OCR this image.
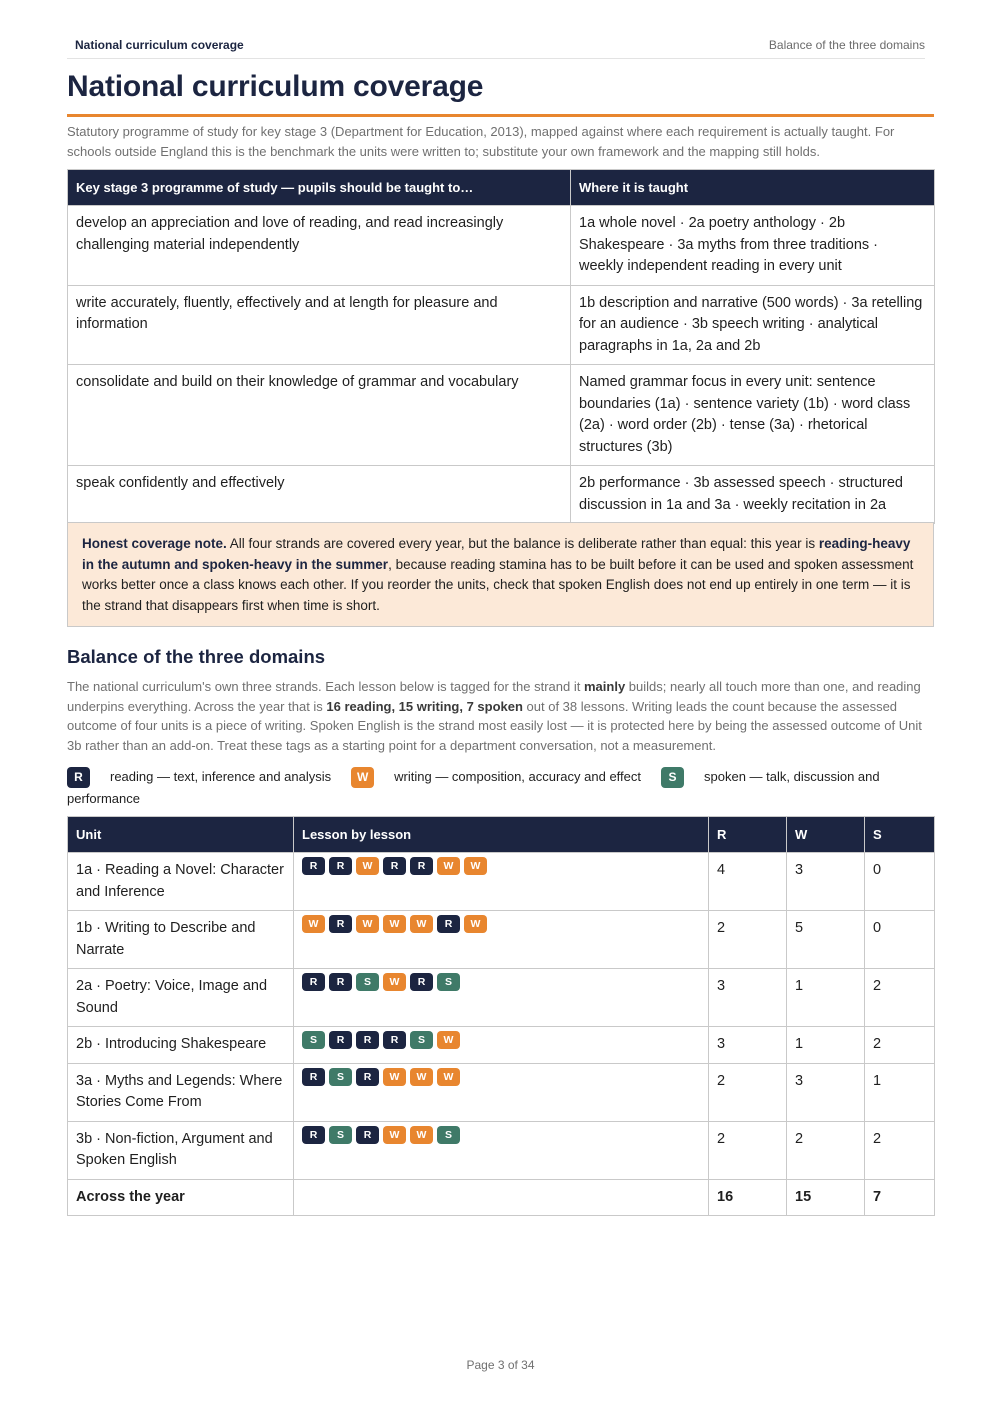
National curriculum coverage	Balance of the three domains
National curriculum coverage

Statutory programme of study for key stage 3 (Department for Education, 2013), mapped against where each requirement is actually taught. For schools outside England this is the benchmark the units were written to; substitute your own framework and the mapping still holds.

Key stage 3 programme of study — pupils should be taught to…	Where it is taught
develop an appreciation and love of reading, and read increasingly challenging material independently	1a whole novel · 2a poetry anthology · 2b Shakespeare · 3a myths from three traditions · weekly independent reading in every unit
write accurately, fluently, effectively and at length for pleasure and information	1b description and narrative (500 words) · 3a retelling for an audience · 3b speech writing · analytical paragraphs in 1a, 2a and 2b
consolidate and build on their knowledge of grammar and vocabulary	Named grammar focus in every unit: sentence boundaries (1a) · sentence variety (1b) · word class (2a) · word order (2b) · tense (3a) · rhetorical structures (3b)
speak confidently and effectively	2b performance · 3b assessed speech · structured discussion in 1a and 3a · weekly recitation in 2a
Honest coverage note. All four strands are covered every year, but the balance is deliberate rather than equal: this year is reading-heavy in the autumn and spoken-heavy in the summer, because reading stamina has to be built before it can be used and spoken assessment works better once a class knows each other. If you reorder the units, check that spoken English does not end up entirely in one term — it is the strand that disappears first when time is short.
Balance of the three domains

The national curriculum's own three strands. Each lesson below is tagged for the strand it mainly builds; nearly all touch more than one, and reading underpins everything. Across the year that is 16 reading, 15 writing, 7 spoken out of 38 lessons. Writing leads the count because the assessed outcome of four units is a piece of writing. Spoken English is the strand most easily lost — it is protected here by being the assessed outcome of Unit 3b rather than an add-on. Treat these tags as a starting point for a department conversation, not a measurement.

R reading — text, inference and analysis W writing — composition, accuracy and effect S spoken — talk, discussion and performance
Unit	Lesson by lesson	R	W	S
1a · Reading a Novel: Character and Inference	R R W R R W W	4	3	0
1b · Writing to Describe and Narrate	W R W W W R W	2	5	0
2a · Poetry: Voice, Image and Sound	R R S W R S	3	1	2
2b · Introducing Shakespeare	S R R R S W	3	1	2
3a · Myths and Legends: Where Stories Come From	R S R W W W	2	3	1
3b · Non-fiction, Argument and Spoken English	R S R W W S	2	2	2
Across the year		16	15	7
Page 3 of 34
